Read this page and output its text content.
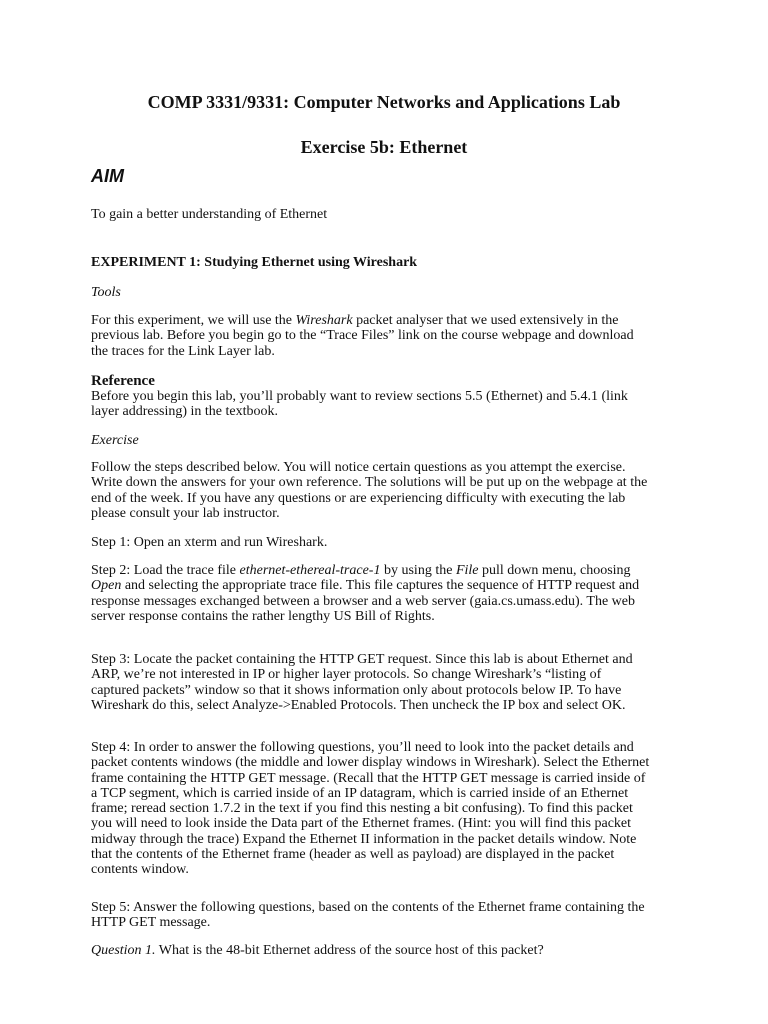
COMP 3331/9331: Computer Networks and Applications Lab
Exercise 5b: Ethernet
AIM

To gain a better understanding of Ethernet

EXPERIMENT 1: Studying Ethernet using Wireshark

Tools

For this experiment, we will use the Wireshark packet analyser that we used extensively in the previous lab. Before you begin go to the “Trace Files” link on the course webpage and download the traces for the Link Layer lab.

Reference

Before you begin this lab, you’ll probably want to review sections 5.5 (Ethernet) and 5.4.1 (link layer addressing) in the textbook.

Exercise

Follow the steps described below. You will notice certain questions as you attempt the exercise. Write down the answers for your own reference. The solutions will be put up on the webpage at the end of the week. If you have any questions or are experiencing difficulty with executing the lab please consult your lab instructor.

Step 1: Open an xterm and run Wireshark.

Step 2: Load the trace file ethernet-ethereal-trace-1 by using the File pull down menu, choosing Open and selecting the appropriate trace file. This file captures the sequence of HTTP request and response messages exchanged between a browser and a web server (gaia.cs.umass.edu). The web server response contains the rather lengthy US Bill of Rights.

Step 3: Locate the packet containing the HTTP GET request. Since this lab is about Ethernet and ARP, we’re not interested in IP or higher layer protocols. So change Wireshark’s “listing of captured packets” window so that it shows information only about protocols below IP. To have Wireshark do this, select Analyze->Enabled Protocols. Then uncheck the IP box and select OK.

Step 4: In order to answer the following questions, you’ll need to look into the packet details and packet contents windows (the middle and lower display windows in Wireshark). Select the Ethernet frame containing the HTTP GET message. (Recall that the HTTP GET message is carried inside of a TCP segment, which is carried inside of an IP datagram, which is carried inside of an Ethernet frame; reread section 1.7.2 in the text if you find this nesting a bit confusing). To find this packet you will need to look inside the Data part of the Ethernet frames. (Hint: you will find this packet midway through the trace) Expand the Ethernet II information in the packet details window. Note that the contents of the Ethernet frame (header as well as payload) are displayed in the packet contents window.

Step 5: Answer the following questions, based on the contents of the Ethernet frame containing the HTTP GET message.

Question 1. What is the 48-bit Ethernet address of the source host of this packet?
